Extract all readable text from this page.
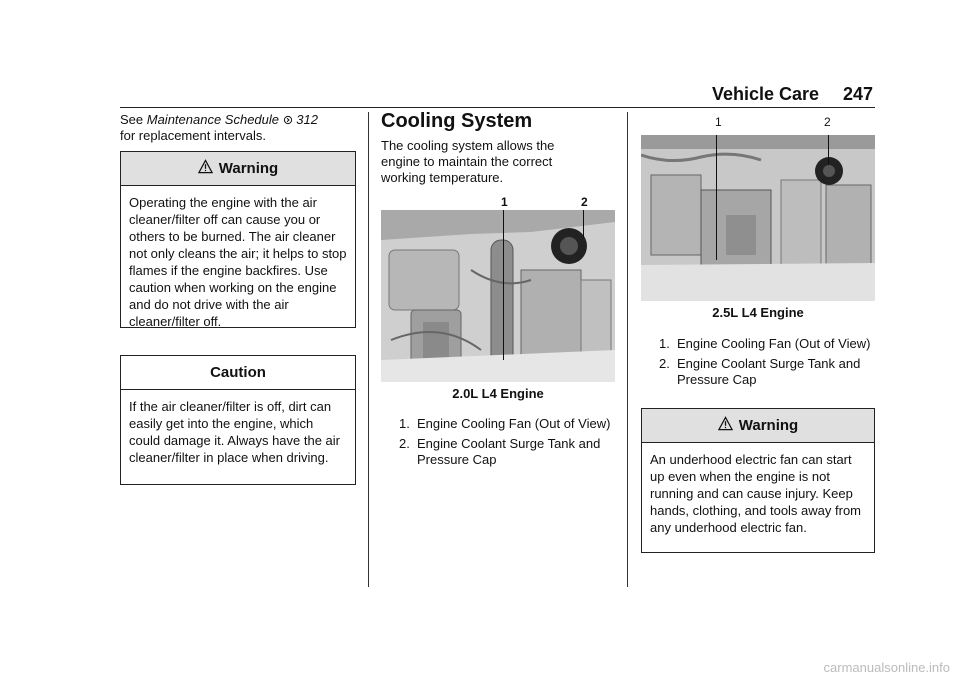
Vehicle Care 247
See Maintenance Schedule 312
for replacement intervals.
Warning
Operating the engine with the air cleaner/filter off can cause you or others to be burned. The air cleaner not only cleans the air; it helps to stop flames if the engine backfires. Use caution when working on the engine and do not drive with the air cleaner/filter off.
Caution
If the air cleaner/filter is off, dirt can easily get into the engine, which could damage it. Always have the air cleaner/filter in place when driving.
Cooling System
The cooling system allows the engine to maintain the correct working temperature.
1	2
2.0L L4 Engine
1. Engine Cooling Fan (Out of View)
2. Engine Coolant Surge Tank and Pressure Cap
1	2
2.5L L4 Engine
1. Engine Cooling Fan (Out of View)
2. Engine Coolant Surge Tank and Pressure Cap
Warning
An underhood electric fan can start up even when the engine is not running and can cause injury. Keep hands, clothing, and tools away from any underhood electric fan.
carmanualsonline.info
